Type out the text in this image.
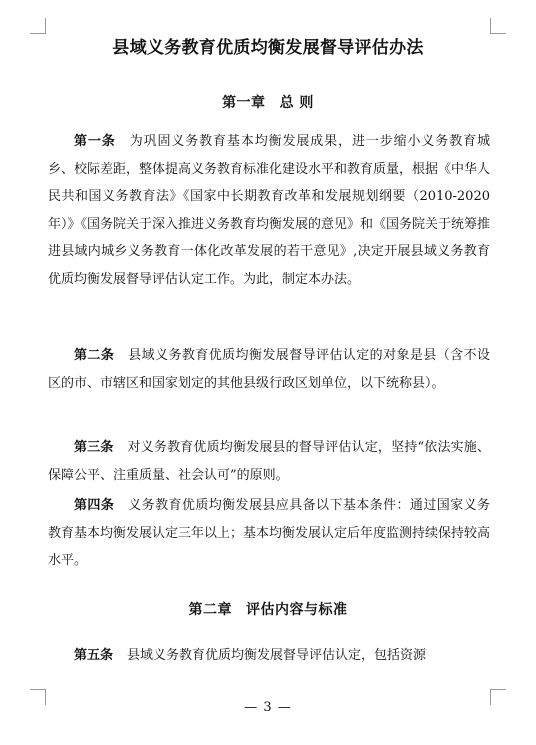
县域义务教育优质均衡发展督导评估办法
第一章 总 则

第一条 为巩固义务教育基本均衡发展成果，进一步缩小义务教育城乡、校际差距，整体提高义务教育标准化建设水平和教育质量，根据《中华人民共和国义务教育法》《国家中长期教育改革和发展规划纲要（2010-2020年）》《国务院关于深入推进义务教育均衡发展的意见》和《国务院关于统筹推进县域内城乡义务教育一体化改革发展的若干意见》,决定开展县域义务教育优质均衡发展督导评估认定工作。为此，制定本办法。

第二条 县域义务教育优质均衡发展督导评估认定的对象是县（含不设区的市、市辖区和国家划定的其他县级行政区划单位，以下统称县）。

第三条 对义务教育优质均衡发展县的督导评估认定，坚持“依法实施、保障公平、注重质量、社会认可”的原则。

第四条 义务教育优质均衡发展县应具备以下基本条件：通过国家义务教育基本均衡发展认定三年以上；基本均衡发展认定后年度监测持续保持较高水平。

第二章 评估内容与标准

第五条 县域义务教育优质均衡发展督导评估认定，包括资源

— 3 —
